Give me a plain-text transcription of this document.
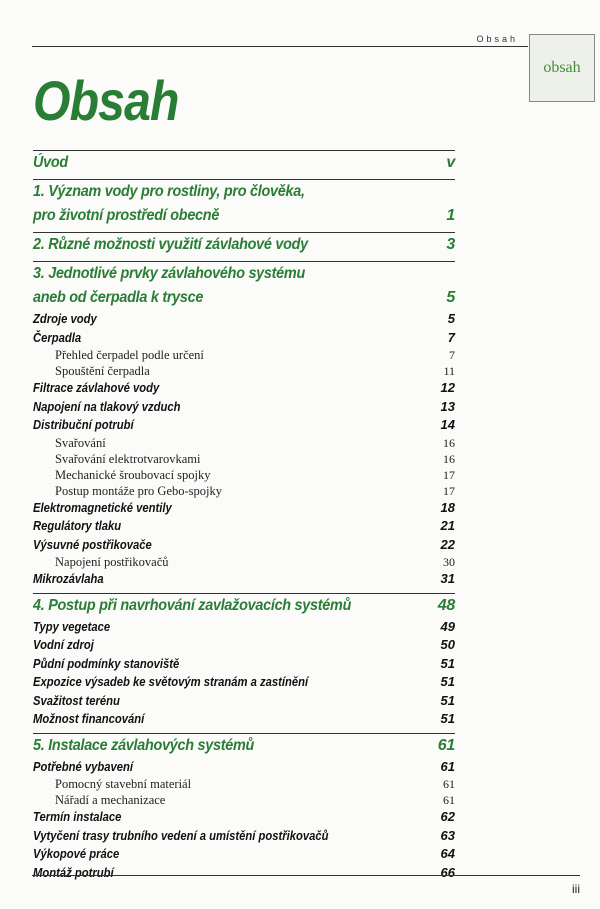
Obsah
obsah
Obsah
Úvod	v
1. Význam vody pro rostliny, pro člověka,
pro životní prostředí obecně	1
2. Různé možnosti využití závlahové vody	3
3. Jednotlivé prvky závlahového systému
aneb od čerpadla k trysce	5
Zdroje vody	5
Čerpadla	7
Přehled čerpadel podle určení	7
Spouštění čerpadla	11
Filtrace závlahové vody	12
Napojení na tlakový vzduch	13
Distribuční potrubí	14
Svařování	16
Svařování elektrotvarovkami	16
Mechanické šroubovací spojky	17
Postup montáže pro Gebo-spojky	17
Elektromagnetické ventily	18
Regulátory tlaku	21
Výsuvné postřikovače	22
Napojení postřikovačů	30
Mikrozávlaha	31
4. Postup při navrhování zavlažovacích systémů	48
Typy vegetace	49
Vodní zdroj	50
Půdní podmínky stanoviště	51
Expozice výsadeb ke světovým stranám a zastínění	51
Svažitost terénu	51
Možnost financování	51
5. Instalace závlahových systémů	61
Potřebné vybavení	61
Pomocný stavební materiál	61
Nářadí a mechanizace	61
Termín instalace	62
Vytyčení trasy trubního vedení a umístění postřikovačů	63
Výkopové práce	64
Montáž potrubí	66
iii
